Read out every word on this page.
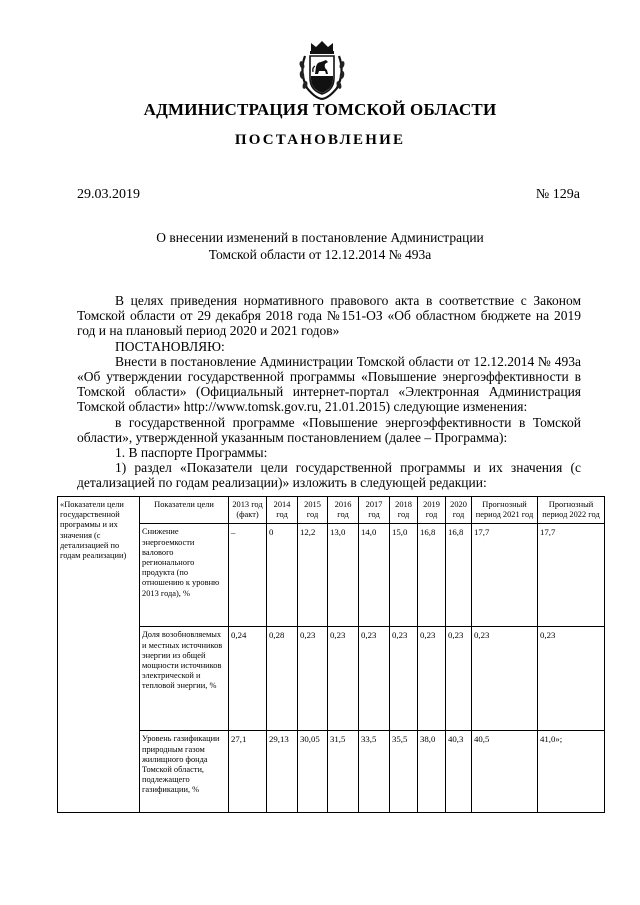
АДМИНИСТРАЦИЯ ТОМСКОЙ ОБЛАСТИ
ПОСТАНОВЛЕНИЕ
29.03.2019	№ 129а
О внесении изменений в постановление Администрации
Томской области от 12.12.2014 № 493а

В целях приведения нормативного правового акта в соответствие с Законом Томской области от 29 декабря 2018 года №151-ОЗ «Об областном бюджете на 2019 год и на плановый период 2020 и 2021 годов»

ПОСТАНОВЛЯЮ:

Внести в постановление Администрации Томской области от 12.12.2014 № 493а «Об утверждении государственной программы «Повышение энергоэффективности в Томской области» (Официальный интернет-портал «Электронная Администрация Томской области» http://www.tomsk.gov.ru, 21.01.2015) следующие изменения:

в государственной программе «Повышение энергоэффективности в Томской области», утвержденной указанным постановлением (далее – Программа):

1. В паспорте Программы:

1) раздел «Показатели цели государственной программы и их значения (с детализацией по годам реализации)» изложить в следующей редакции:

«Показатели цели государственной программы и их значения (с детализацией по годам реализации)	Показатели цели	2013 год (факт)	2014 год	2015 год	2016 год	2017 год	2018 год	2019 год	2020 год	Прогнозный период 2021 год	Прогнозный период 2022 год
	Снижение энергоемкости валового регионального продукта (по отношению к уровню 2013 года), %	–	0	12,2	13,0	14,0	15,0	16,8	16,8	17,7	17,7
	Доля возобновляемых и местных источников энергии из общей мощности источников электрической и тепловой энергии, %	0,24	0,28	0,23	0,23	0,23	0,23	0,23	0,23	0,23	0,23
	Уровень газификации природным газом жилищного фонда Томской области, подлежащего газификации, %	27,1	29,13	30,05	31,5	33,5	35,5	38,0	40,3	40,5	41,0»;
